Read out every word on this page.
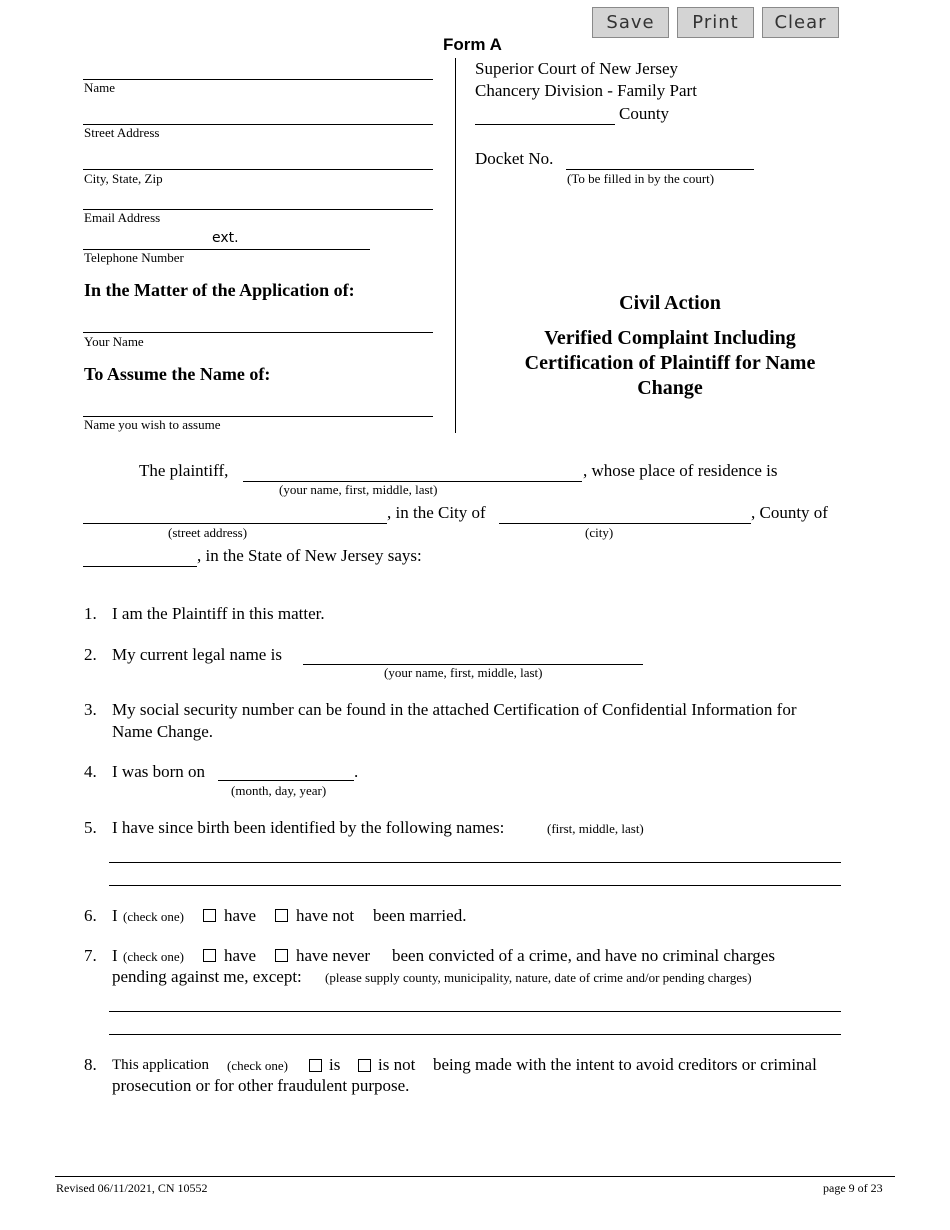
Save	Print	Clear
Form A
Name
Street Address
City, State, Zip
Email Address
ext.
Telephone Number
In the Matter of the Application of:
Your Name
To Assume the Name of:
Name you wish to assume
Superior Court of New Jersey
Chancery Division - Family Part
County
Docket No.
(To be filled in by the court)
Civil Action
Verified Complaint Including Certification of Plaintiff for Name Change
The plaintiff,	, whose place of residence is
(your name, first, middle, last)
, in the City of	, County of
(street address)	(city)
, in the State of New Jersey says:
1. I am the Plaintiff in this matter.
2. My current legal name is
(your name, first, middle, last)
3. My social security number can be found in the attached Certification of Confidential Information for
Name Change.
4. I was born on	.
(month, day, year)
5. I have since birth been identified by the following names:	(first, middle, last)
6. I (check one) have have not been married.
7. I (check one) have have never been convicted of a crime, and have no criminal charges
pending against me, except: (please supply county, municipality, nature, date of crime and/or pending charges)
8. This application (check one) is is not being made with the intent to avoid creditors or criminal
prosecution or for other fraudulent purpose.
Revised 06/11/2021, CN 10552	page 9 of 23
